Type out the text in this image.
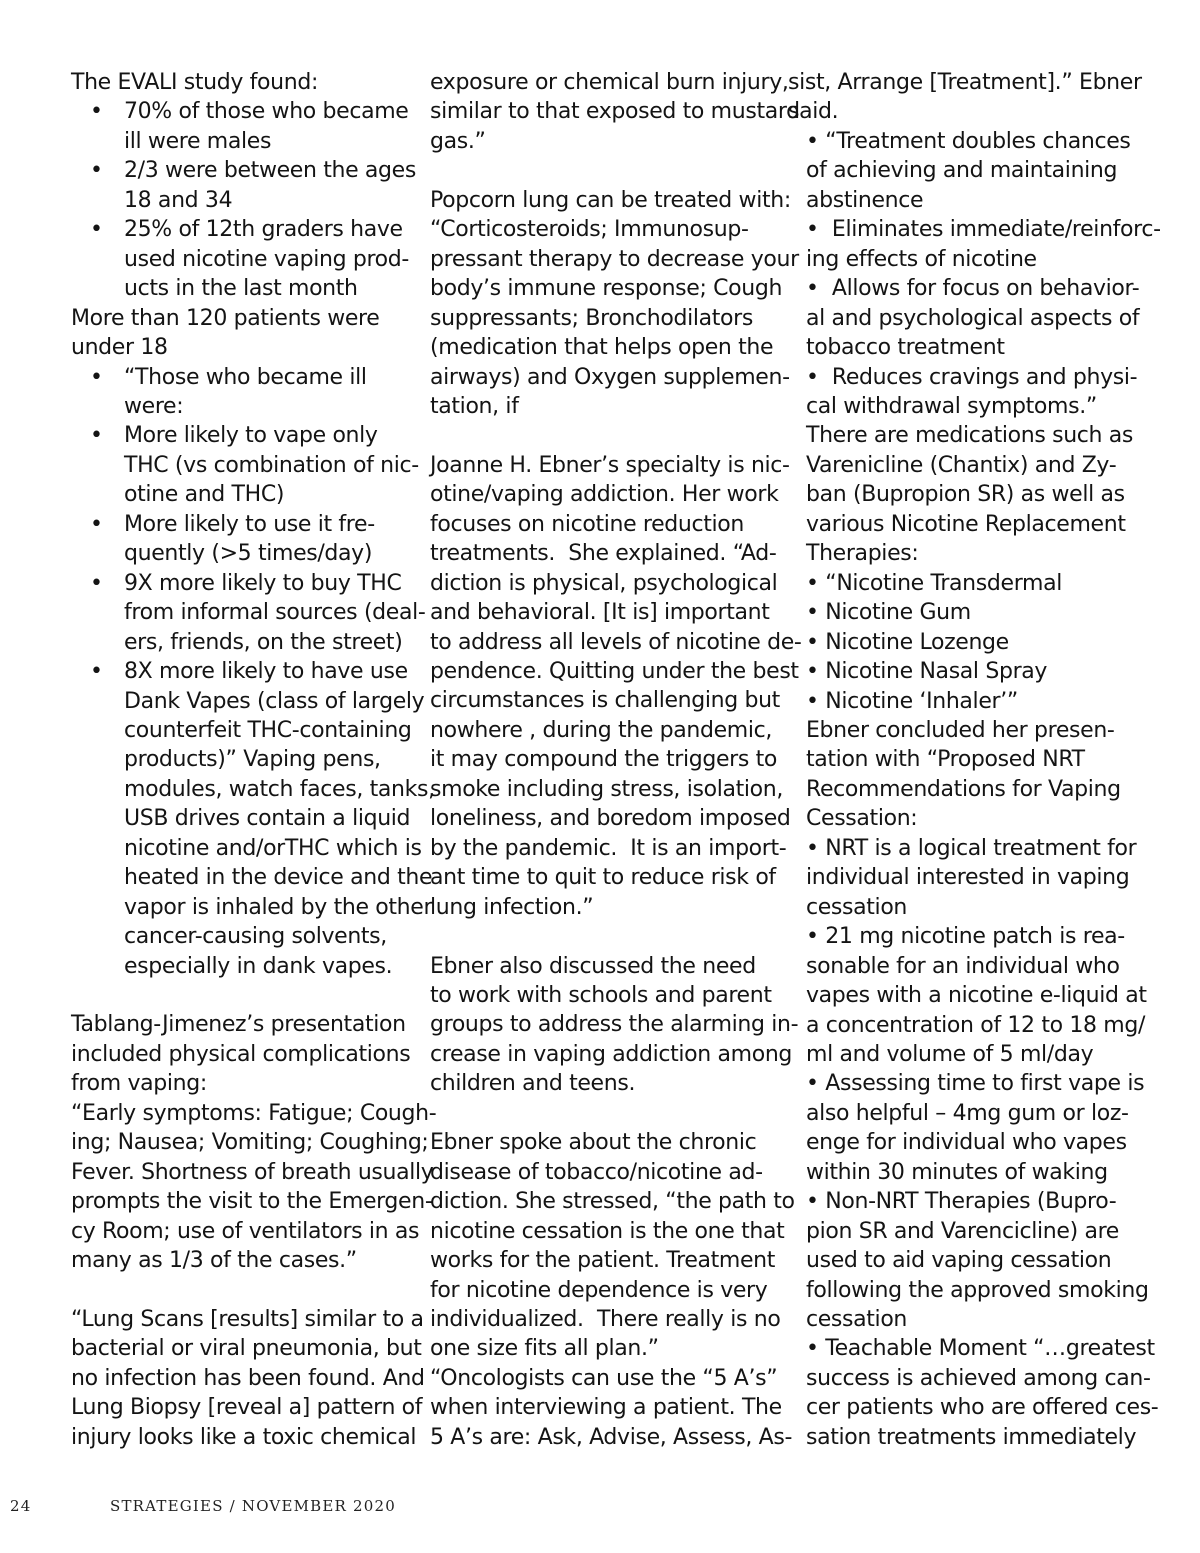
The EVALI study found:

• 70% of those who became
ill were males
• 2/3 were between the ages
18 and 34
• 25% of 12th graders have
used nicotine vaping prod-
ucts in the last month

More than 120 patients were

under 18

• “Those who became ill
were:
• More likely to vape only
THC (vs combination of nic-
otine and THC)
• More likely to use it fre-
quently (>5 times/day)
• 9X more likely to buy THC
from informal sources (deal-
ers, friends, on the street)
• 8X more likely to have use
Dank Vapes (class of largely
counterfeit THC-containing
products)” Vaping pens,
modules, watch faces, tanks,
USB drives contain a liquid
nicotine and/orTHC which is
heated in the device and the
vapor is inhaled by the other
cancer-causing solvents,
especially in dank vapes.

Tablang-Jimenez’s presentation

included physical complications

from vaping:

“Early symptoms: Fatigue; Cough-

ing; Nausea; Vomiting; Coughing;

Fever. Shortness of breath usually

prompts the visit to the Emergen-

cy Room; use of ventilators in as

many as 1/3 of the cases.”

“Lung Scans [results] similar to a

bacterial or viral pneumonia, but

no infection has been found. And

Lung Biopsy [reveal a] pattern of

injury looks like a toxic chemical

exposure or chemical burn injury,

similar to that exposed to mustard

gas.”

Popcorn lung can be treated with:

“Corticosteroids; Immunosup-

pressant therapy to decrease your

body’s immune response; Cough

suppressants; Bronchodilators

(medication that helps open the

airways) and Oxygen supplemen-

tation, if

Joanne H. Ebner’s specialty is nic-

otine/vaping addiction. Her work

focuses on nicotine reduction

treatments.  She explained. “Ad-

diction is physical, psychological

and behavioral. [It is] important

to address all levels of nicotine de-

pendence. Quitting under the best

circumstances is challenging but

nowhere , during the pandemic,

it may compound the triggers to

smoke including stress, isolation,

loneliness, and boredom imposed

by the pandemic.  It is an import-

ant time to quit to reduce risk of

lung infection.”

Ebner also discussed the need

to work with schools and parent

groups to address the alarming in-

crease in vaping addiction among

children and teens.

Ebner spoke about the chronic

disease of tobacco/nicotine ad-

diction. She stressed, “the path to

nicotine cessation is the one that

works for the patient. Treatment

for nicotine dependence is very

individualized.  There really is no

one size fits all plan.”

“Oncologists can use the “5 A’s”

when interviewing a patient. The

5 A’s are: Ask, Advise, Assess, As-

sist, Arrange [Treatment].” Ebner

said.

• “Treatment doubles chances

of achieving and maintaining

abstinence

•  Eliminates immediate/reinforc-

ing effects of nicotine

•  Allows for focus on behavior-

al and psychological aspects of

tobacco treatment

•  Reduces cravings and physi-

cal withdrawal symptoms.”

There are medications such as

Varenicline (Chantix) and Zy-

ban (Bupropion SR) as well as

various Nicotine Replacement

Therapies:

• “Nicotine Transdermal

• Nicotine Gum

• Nicotine Lozenge

• Nicotine Nasal Spray

• Nicotine ‘Inhaler’”

Ebner concluded her presen-

tation with “Proposed NRT

Recommendations for Vaping

Cessation:

• NRT is a logical treatment for

individual interested in vaping

cessation

• 21 mg nicotine patch is rea-

sonable for an individual who

vapes with a nicotine e-liquid at

a concentration of 12 to 18 mg/

ml and volume of 5 ml/day

• Assessing time to first vape is

also helpful – 4mg gum or loz-

enge for individual who vapes

within 30 minutes of waking

• Non-NRT Therapies (Bupro-

pion SR and Varencicline) are

used to aid vaping cessation

following the approved smoking

cessation

• Teachable Moment “…greatest

success is achieved among can-

cer patients who are offered ces-

sation treatments immediately

24	STRATEGIES / NOVEMBER 2020
